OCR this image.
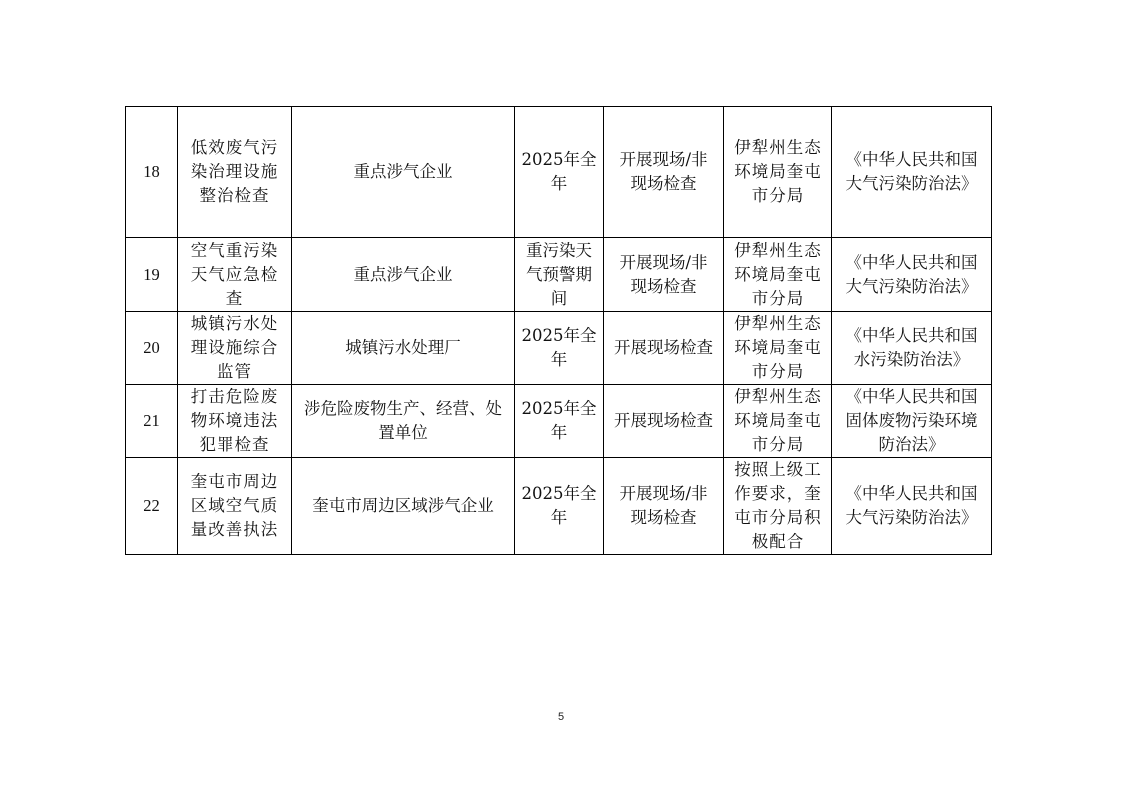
18	低效废气污染治理设施整治检查	重点涉气企业	2025年全年	开展现场/非现场检查	伊犁州生态环境局奎屯市分局	《中华人民共和国大气污染防治法》
19	空气重污染天气应急检查	重点涉气企业	重污染天气预警期间	开展现场/非现场检查	伊犁州生态环境局奎屯市分局	《中华人民共和国大气污染防治法》
20	城镇污水处理设施综合监管	城镇污水处理厂	2025年全年	开展现场检查	伊犁州生态环境局奎屯市分局	《中华人民共和国水污染防治法》
21	打击危险废物环境违法犯罪检查	涉危险废物生产、经营、处置单位	2025年全年	开展现场检查	伊犁州生态环境局奎屯市分局	《中华人民共和国固体废物污染环境防治法》
22	奎屯市周边区域空气质量改善执法	奎屯市周边区域涉气企业	2025年全年	开展现场/非现场检查	按照上级工作要求，奎屯市分局积极配合	《中华人民共和国大气污染防治法》
5
